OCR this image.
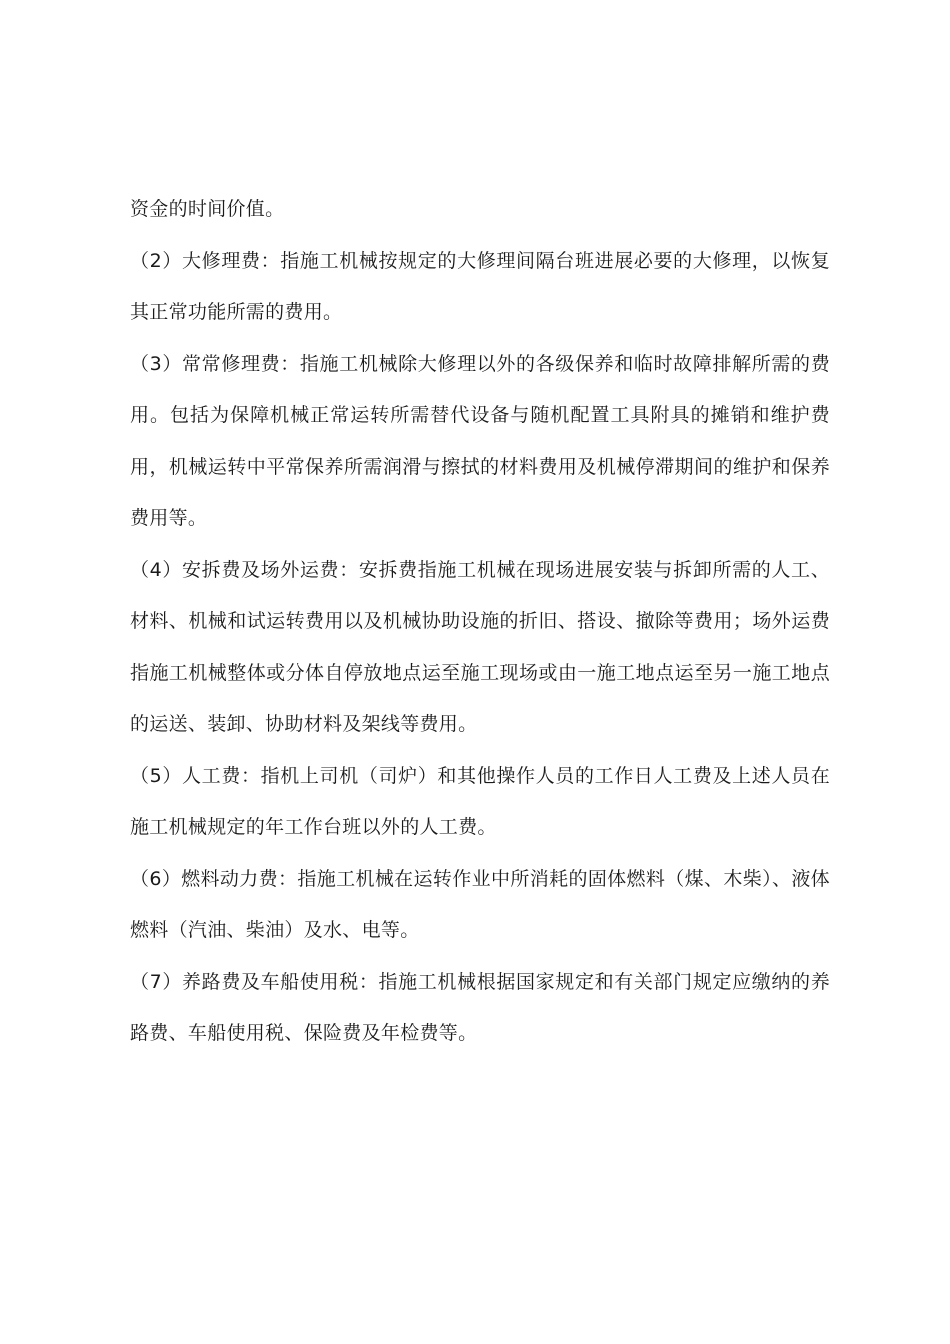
资金的时间价值。

（2）大修理费：指施工机械按规定的大修理间隔台班进展必要的大修理，以恢复其正常功能所需的费用。

（3）常常修理费：指施工机械除大修理以外的各级保养和临时故障排解所需的费用。包括为保障机械正常运转所需替代设备与随机配置工具附具的摊销和维护费用，机械运转中平常保养所需润滑与擦拭的材料费用及机械停滞期间的维护和保养费用等。

（4）安拆费及场外运费：安拆费指施工机械在现场进展安装与拆卸所需的人工、材料、机械和试运转费用以及机械协助设施的折旧、搭设、撤除等费用；场外运费指施工机械整体或分体自停放地点运至施工现场或由一施工地点运至另一施工地点的运送、装卸、协助材料及架线等费用。

（5）人工费：指机上司机（司炉）和其他操作人员的工作日人工费及上述人员在施工机械规定的年工作台班以外的人工费。

（6）燃料动力费：指施工机械在运转作业中所消耗的固体燃料（煤、木柴）、液体燃料（汽油、柴油）及水、电等。

（7）养路费及车船使用税：指施工机械根据国家规定和有关部门规定应缴纳的养路费、车船使用税、保险费及年检费等。
